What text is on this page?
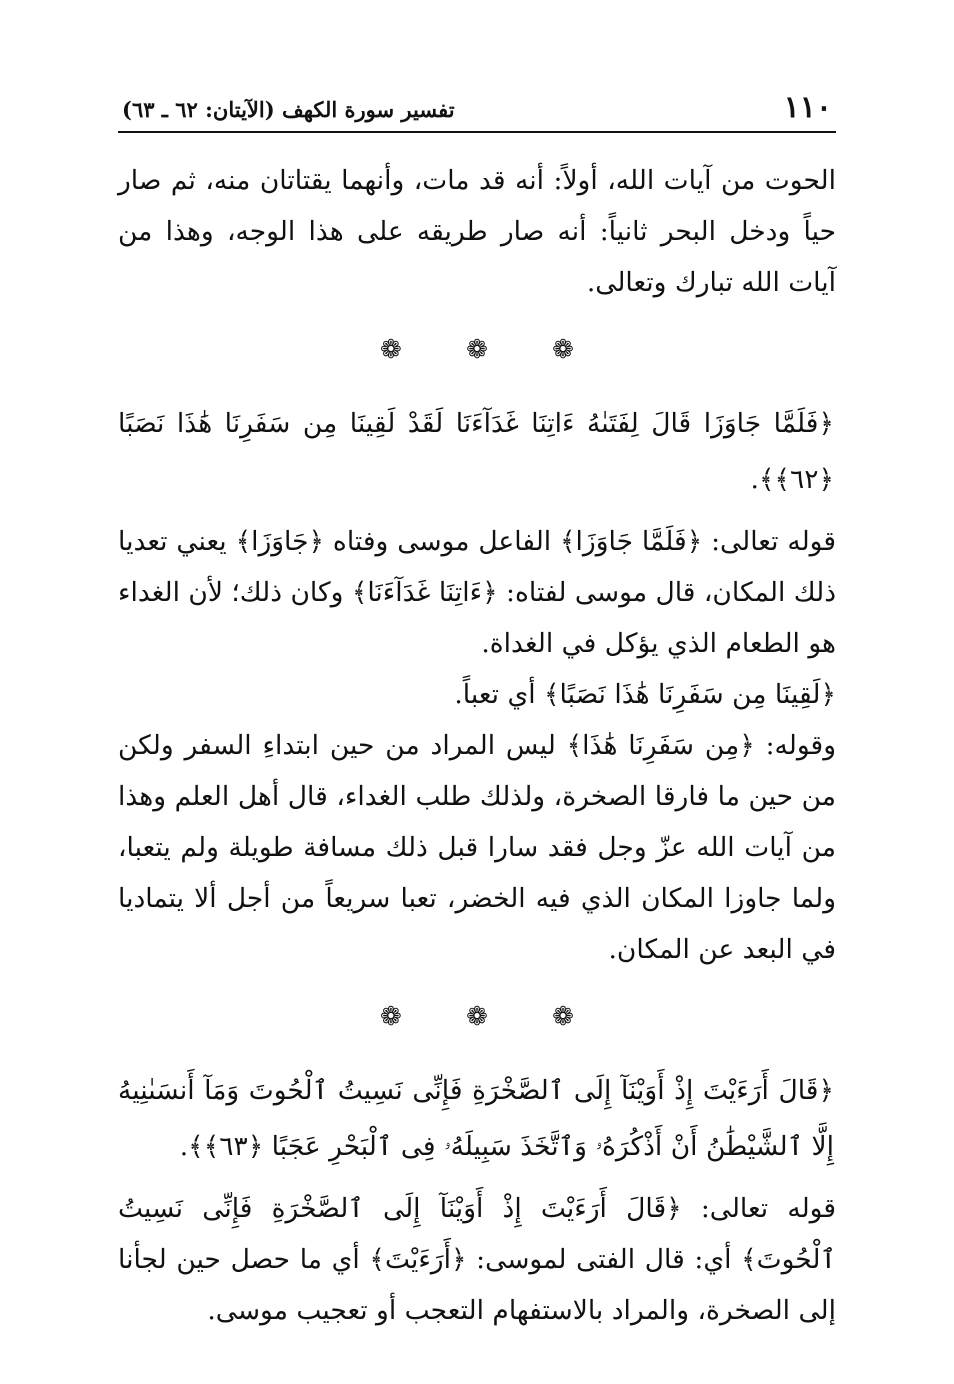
١١٠
تفسير سورة الكهف (الآيتان: ٦٢ ـ ٦٣)

الحوت من آيات الله، أولاً: أنه قد مات، وأنهما يقتاتان منه، ثم صار حياً ودخل البحر ثانياً: أنه صار طريقه على هذا الوجه، وهذا من آيات الله تبارك وتعالى.

❁ ❁ ❁

﴿فَلَمَّا جَاوَزَا قَالَ لِفَتَىٰهُ ءَاتِنَا غَدَآءَنَا لَقَدْ لَقِينَا مِن سَفَرِنَا هَٰذَا نَصَبًا ﴿٦٢﴾﴾.

قوله تعالى: ﴿فَلَمَّا جَاوَزَا﴾ الفاعل موسى وفتاه ﴿جَاوَزَا﴾ يعني تعديا ذلك المكان، قال موسى لفتاه: ﴿ءَاتِنَا غَدَآءَنَا﴾ وكان ذلك؛ لأن الغداء هو الطعام الذي يؤكل في الغداة.

﴿لَقِينَا مِن سَفَرِنَا هَٰذَا نَصَبًا﴾ أي تعباً.

وقوله: ﴿مِن سَفَرِنَا هَٰذَا﴾ ليس المراد من حين ابتداءِ السفر ولكن من حين ما فارقا الصخرة، ولذلك طلب الغداء، قال أهل العلم وهذا من آيات الله عزّ وجل فقد سارا قبل ذلك مسافة طويلة ولم يتعبا، ولما جاوزا المكان الذي فيه الخضر، تعبا سريعاً من أجل ألا يتماديا في البعد عن المكان.

❁ ❁ ❁

﴿قَالَ أَرَءَيْتَ إِذْ أَوَيْنَآ إِلَى ٱلصَّخْرَةِ فَإِنِّى نَسِيتُ ٱلْحُوتَ وَمَآ أَنسَىٰنِيهُ إِلَّا ٱلشَّيْطَٰنُ أَنْ أَذْكُرَهُۥ وَٱتَّخَذَ سَبِيلَهُۥ فِى ٱلْبَحْرِ عَجَبًا ﴿٦٣﴾﴾.

قوله تعالى: ﴿قَالَ أَرَءَيْتَ إِذْ أَوَيْنَآ إِلَى ٱلصَّخْرَةِ فَإِنِّى نَسِيتُ ٱلْحُوتَ﴾ أي: قال الفتى لموسى: ﴿أَرَءَيْتَ﴾ أي ما حصل حين لجأنا إلى الصخرة، والمراد بالاستفهام التعجب أو تعجيب موسى.
